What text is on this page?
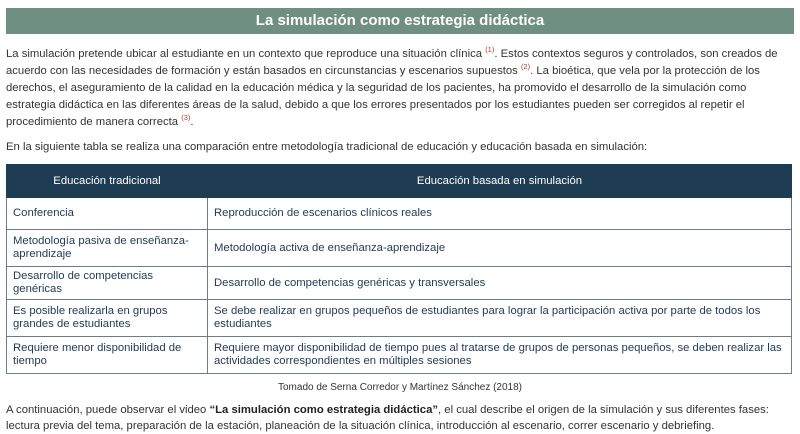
La simulación como estrategia didáctica

La simulación pretende ubicar al estudiante en un contexto que reproduce una situación clínica $^{(1)}$. Estos contextos seguros y controlados, son creados de acuerdo con las necesidades de formación y están basados en circunstancias y escenarios supuestos $^{(2)}$. La bioética, que vela por la protección de los derechos, el aseguramiento de la calidad en la educación médica y la seguridad de los pacientes, ha promovido el desarrollo de la simulación como estrategia didáctica en las diferentes áreas de la salud, debido a que los errores presentados por los estudiantes pueden ser corregidos al repetir el procedimiento de manera correcta $^{(3)}$.

En la siguiente tabla se realiza una comparación entre metodología tradicional de educación y educación basada en simulación:

Educación tradicional	Educación basada en simulación
Conferencia	Reproducción de escenarios clínicos reales
Metodología pasiva de enseñanza-aprendizaje	Metodología activa de enseñanza-aprendizaje
Desarrollo de competencias genéricas	Desarrollo de competencias genéricas y transversales
Es posible realizarla en grupos grandes de estudiantes	Se debe realizar en grupos pequeños de estudiantes para lograr la participación activa por parte de todos los estudiantes
Requiere menor disponibilidad de tiempo	Requiere mayor disponibilidad de tiempo pues al tratarse de grupos de personas pequeños, se deben realizar las actividades correspondientes en múltiples sesiones
Tomado de Serna Corredor y Martínez Sánchez (2018)

A continuación, puede observar el video “La simulación como estrategia didáctica”, el cual describe el origen de la simulación y sus diferentes fases: lectura previa del tema, preparación de la estación, planeación de la situación clínica, introducción al escenario, correr escenario y debriefing.
